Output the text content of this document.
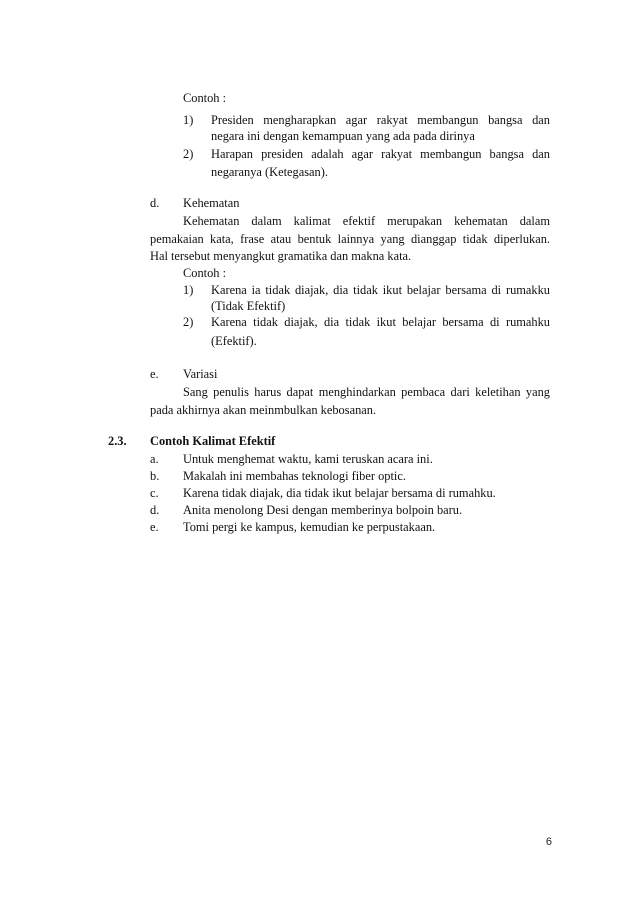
Contoh :
1) Presiden mengharapkan agar rakyat membangun bangsa dan
negara ini dengan kemampuan yang ada pada dirinya
2) Harapan presiden adalah agar rakyat membangun bangsa dan
negaranya (Ketegasan).
d. Kehematan
Kehematan dalam kalimat efektif merupakan kehematan dalam
pemakaian kata, frase atau bentuk lainnya yang dianggap tidak diperlukan.
Hal tersebut menyangkut gramatika dan makna kata.
Contoh :
1) Karena ia tidak diajak, dia tidak ikut belajar bersama di rumakku
(Tidak Efektif)
2) Karena tidak diajak, dia tidak ikut belajar bersama di rumahku
(Efektif).
e. Variasi
Sang penulis harus dapat menghindarkan pembaca dari keletihan yang
pada akhirnya akan meinmbulkan kebosanan.
2.3. Contoh Kalimat Efektif
a. Untuk menghemat waktu, kami teruskan acara ini.
b. Makalah ini membahas teknologi fiber optic.
c. Karena tidak diajak, dia tidak ikut belajar bersama di rumahku.
d. Anita menolong Desi dengan memberinya bolpoin baru.
e. Tomi pergi ke kampus, kemudian ke perpustakaan.
6
